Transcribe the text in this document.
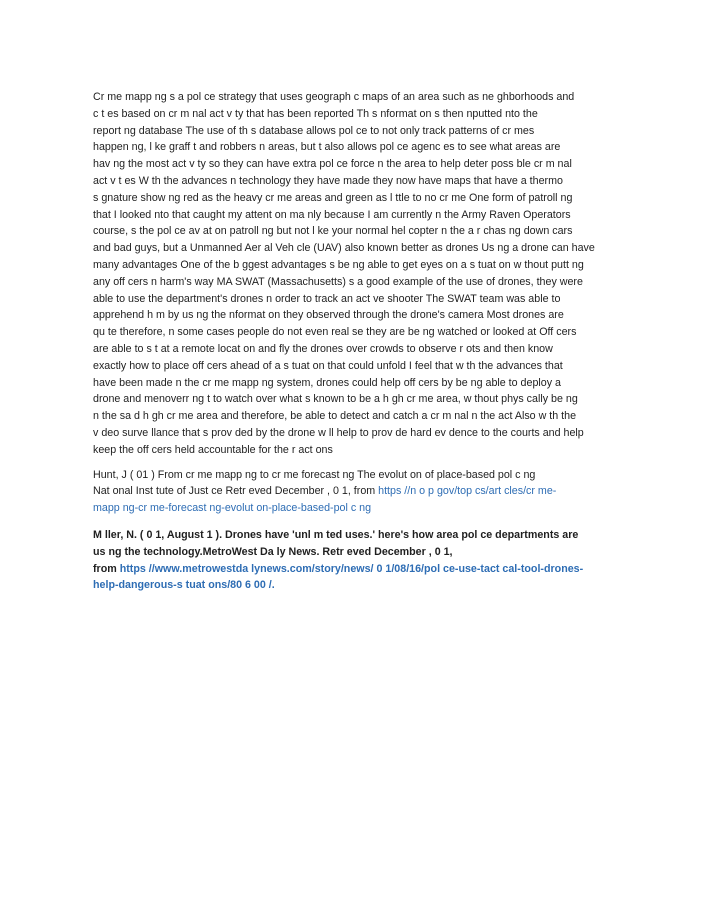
Cr me mapp ng s a pol ce strategy that uses geograph c maps of an area such as ne ghborhoods and
c t es based on cr m nal act v ty that has been reported Th s nformat on s then nputted nto the
report ng database The use of th s database allows pol ce to not only track patterns of cr mes
happen ng, l ke graff t and robbers n areas, but t also allows pol ce agenc es to see what areas are
hav ng the most act v ty so they can have extra pol ce force n the area to help deter poss ble cr m nal
act v t es W th the advances n technology they have made they now have maps that have a thermo
s gnature show ng red as the heavy cr me areas and green as l ttle to no cr me One form of patroll ng
that I looked nto that caught my attent on ma nly because I am currently n the Army Raven Operators
course, s the pol ce av at on patroll ng but not l ke your normal hel copter n the a r chas ng down cars
and bad guys, but a Unmanned Aer al Veh cle (UAV) also known better as drones Us ng a drone can have
many advantages One of the b ggest advantages s be ng able to get eyes on a s tuat on w thout putt ng
any off cers n harm's way MA SWAT (Massachusetts) s a good example of the use of drones, they were
able to use the department's drones n order to track an act ve shooter The SWAT team was able to
apprehend h m by us ng the nformat on they observed through the drone's camera Most drones are
qu te therefore, n some cases people do not even real se they are be ng watched or looked at Off cers
are able to s t at a remote locat on and fly the drones over crowds to observe r ots and then know
exactly how to place off cers ahead of a s tuat on that could unfold I feel that w th the advances that
have been made n the cr me mapp ng system, drones could help off cers by be ng able to deploy a
drone and menoverr ng t to watch over what s known to be a h gh cr me area, w thout phys cally be ng
n the sa d h gh cr me area and therefore, be able to detect and catch a cr m nal n the act Also w th the
v deo surve llance that s prov ded by the drone w ll help to prov de hard ev dence to the courts and help
keep the off cers held accountable for the r act ons

Hunt, J ( 01 ) From cr me mapp ng to cr me forecast ng The evolut on of place-based pol c ng
Nat onal Inst tute of Just ce Retr eved December , 0 1, from https //n o p gov/top cs/art cles/cr me-
mapp ng-cr me-forecast ng-evolut on-place-based-pol c ng

M ller, N. ( 0 1, August 1 ). Drones have 'unl m ted uses.' here's how area pol ce departments are
us ng the technology.MetroWest Da ly News. Retr eved December , 0 1,
from https //www.metrowestda lynews.com/story/news/ 0 1/08/16/pol ce-use-tact cal-tool-drones-
help-dangerous-s tuat ons/80 6 00 /.
